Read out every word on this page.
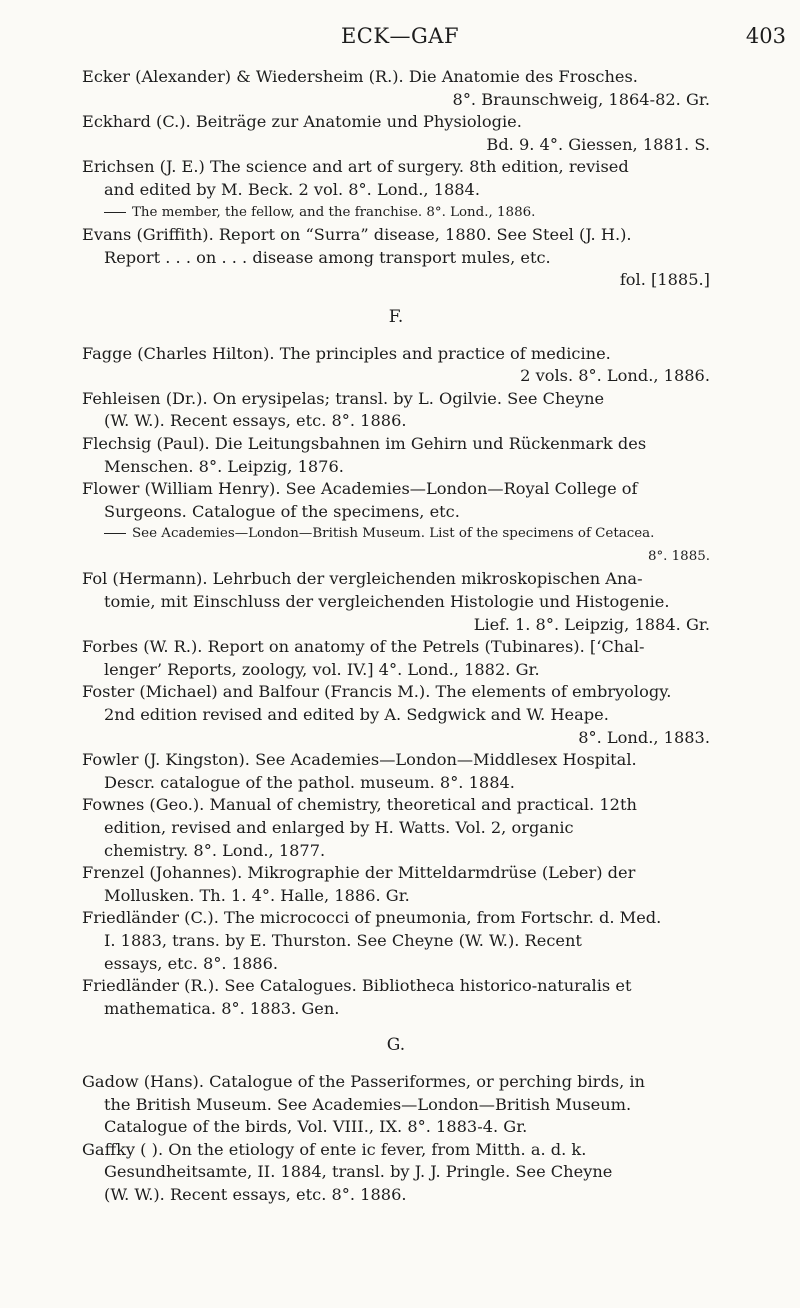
ECK—GAF	403
Ecker (Alexander) & Wiedersheim (R.). Die Anatomie des Frosches.
8°. Braunschweig, 1864-82. Gr.
Eckhard (C.). Beiträge zur Anatomie und Physiologie.
Bd. 9. 4°. Giessen, 1881. S.
Erichsen (J. E.) The science and art of surgery. 8th edition, revised
and edited by M. Beck. 2 vol. 8°. Lond., 1884.
The member, the fellow, and the franchise. 8°. Lond., 1886.
Evans (Griffith). Report on “Surra” disease, 1880. See Steel (J. H.).
Report . . . on . . . disease among transport mules, etc.
fol. [1885.]
F.
Fagge (Charles Hilton). The principles and practice of medicine.
2 vols. 8°. Lond., 1886.
Fehleisen (Dr.). On erysipelas; transl. by L. Ogilvie. See Cheyne
(W. W.). Recent essays, etc. 8°. 1886.
Flechsig (Paul). Die Leitungsbahnen im Gehirn und Rückenmark des
Menschen. 8°. Leipzig, 1876.
Flower (William Henry). See Academies—London—Royal College of
Surgeons. Catalogue of the specimens, etc.
See Academies—London—British Museum. List of the specimens of Cetacea.
8°. 1885.
Fol (Hermann). Lehrbuch der vergleichenden mikroskopischen Ana-
tomie, mit Einschluss der vergleichenden Histologie und Histogenie.
Lief. 1. 8°. Leipzig, 1884. Gr.
Forbes (W. R.). Report on anatomy of the Petrels (Tubinares). [‘Chal-
lenger’ Reports, zoology, vol. IV.] 4°. Lond., 1882. Gr.
Foster (Michael) and Balfour (Francis M.). The elements of embryology.
2nd edition revised and edited by A. Sedgwick and W. Heape.
8°. Lond., 1883.
Fowler (J. Kingston). See Academies—London—Middlesex Hospital.
Descr. catalogue of the pathol. museum. 8°. 1884.
Fownes (Geo.). Manual of chemistry, theoretical and practical. 12th
edition, revised and enlarged by H. Watts. Vol. 2, organic
chemistry. 8°. Lond., 1877.
Frenzel (Johannes). Mikrographie der Mitteldarmdrüse (Leber) der
Mollusken. Th. 1. 4°. Halle, 1886. Gr.
Friedländer (C.). The micrococci of pneumonia, from Fortschr. d. Med.
I. 1883, trans. by E. Thurston. See Cheyne (W. W.). Recent
essays, etc. 8°. 1886.
Friedländer (R.). See Catalogues. Bibliotheca historico-naturalis et
mathematica. 8°. 1883. Gen.
G.
Gadow (Hans). Catalogue of the Passeriformes, or perching birds, in
the British Museum. See Academies—London—British Museum.
Catalogue of the birds, Vol. VIII., IX. 8°. 1883-4. Gr.
Gaffky ( ). On the etiology of ente ic fever, from Mitth. a. d. k.
Gesundheitsamte, II. 1884, transl. by J. J. Pringle. See Cheyne
(W. W.). Recent essays, etc. 8°. 1886.
